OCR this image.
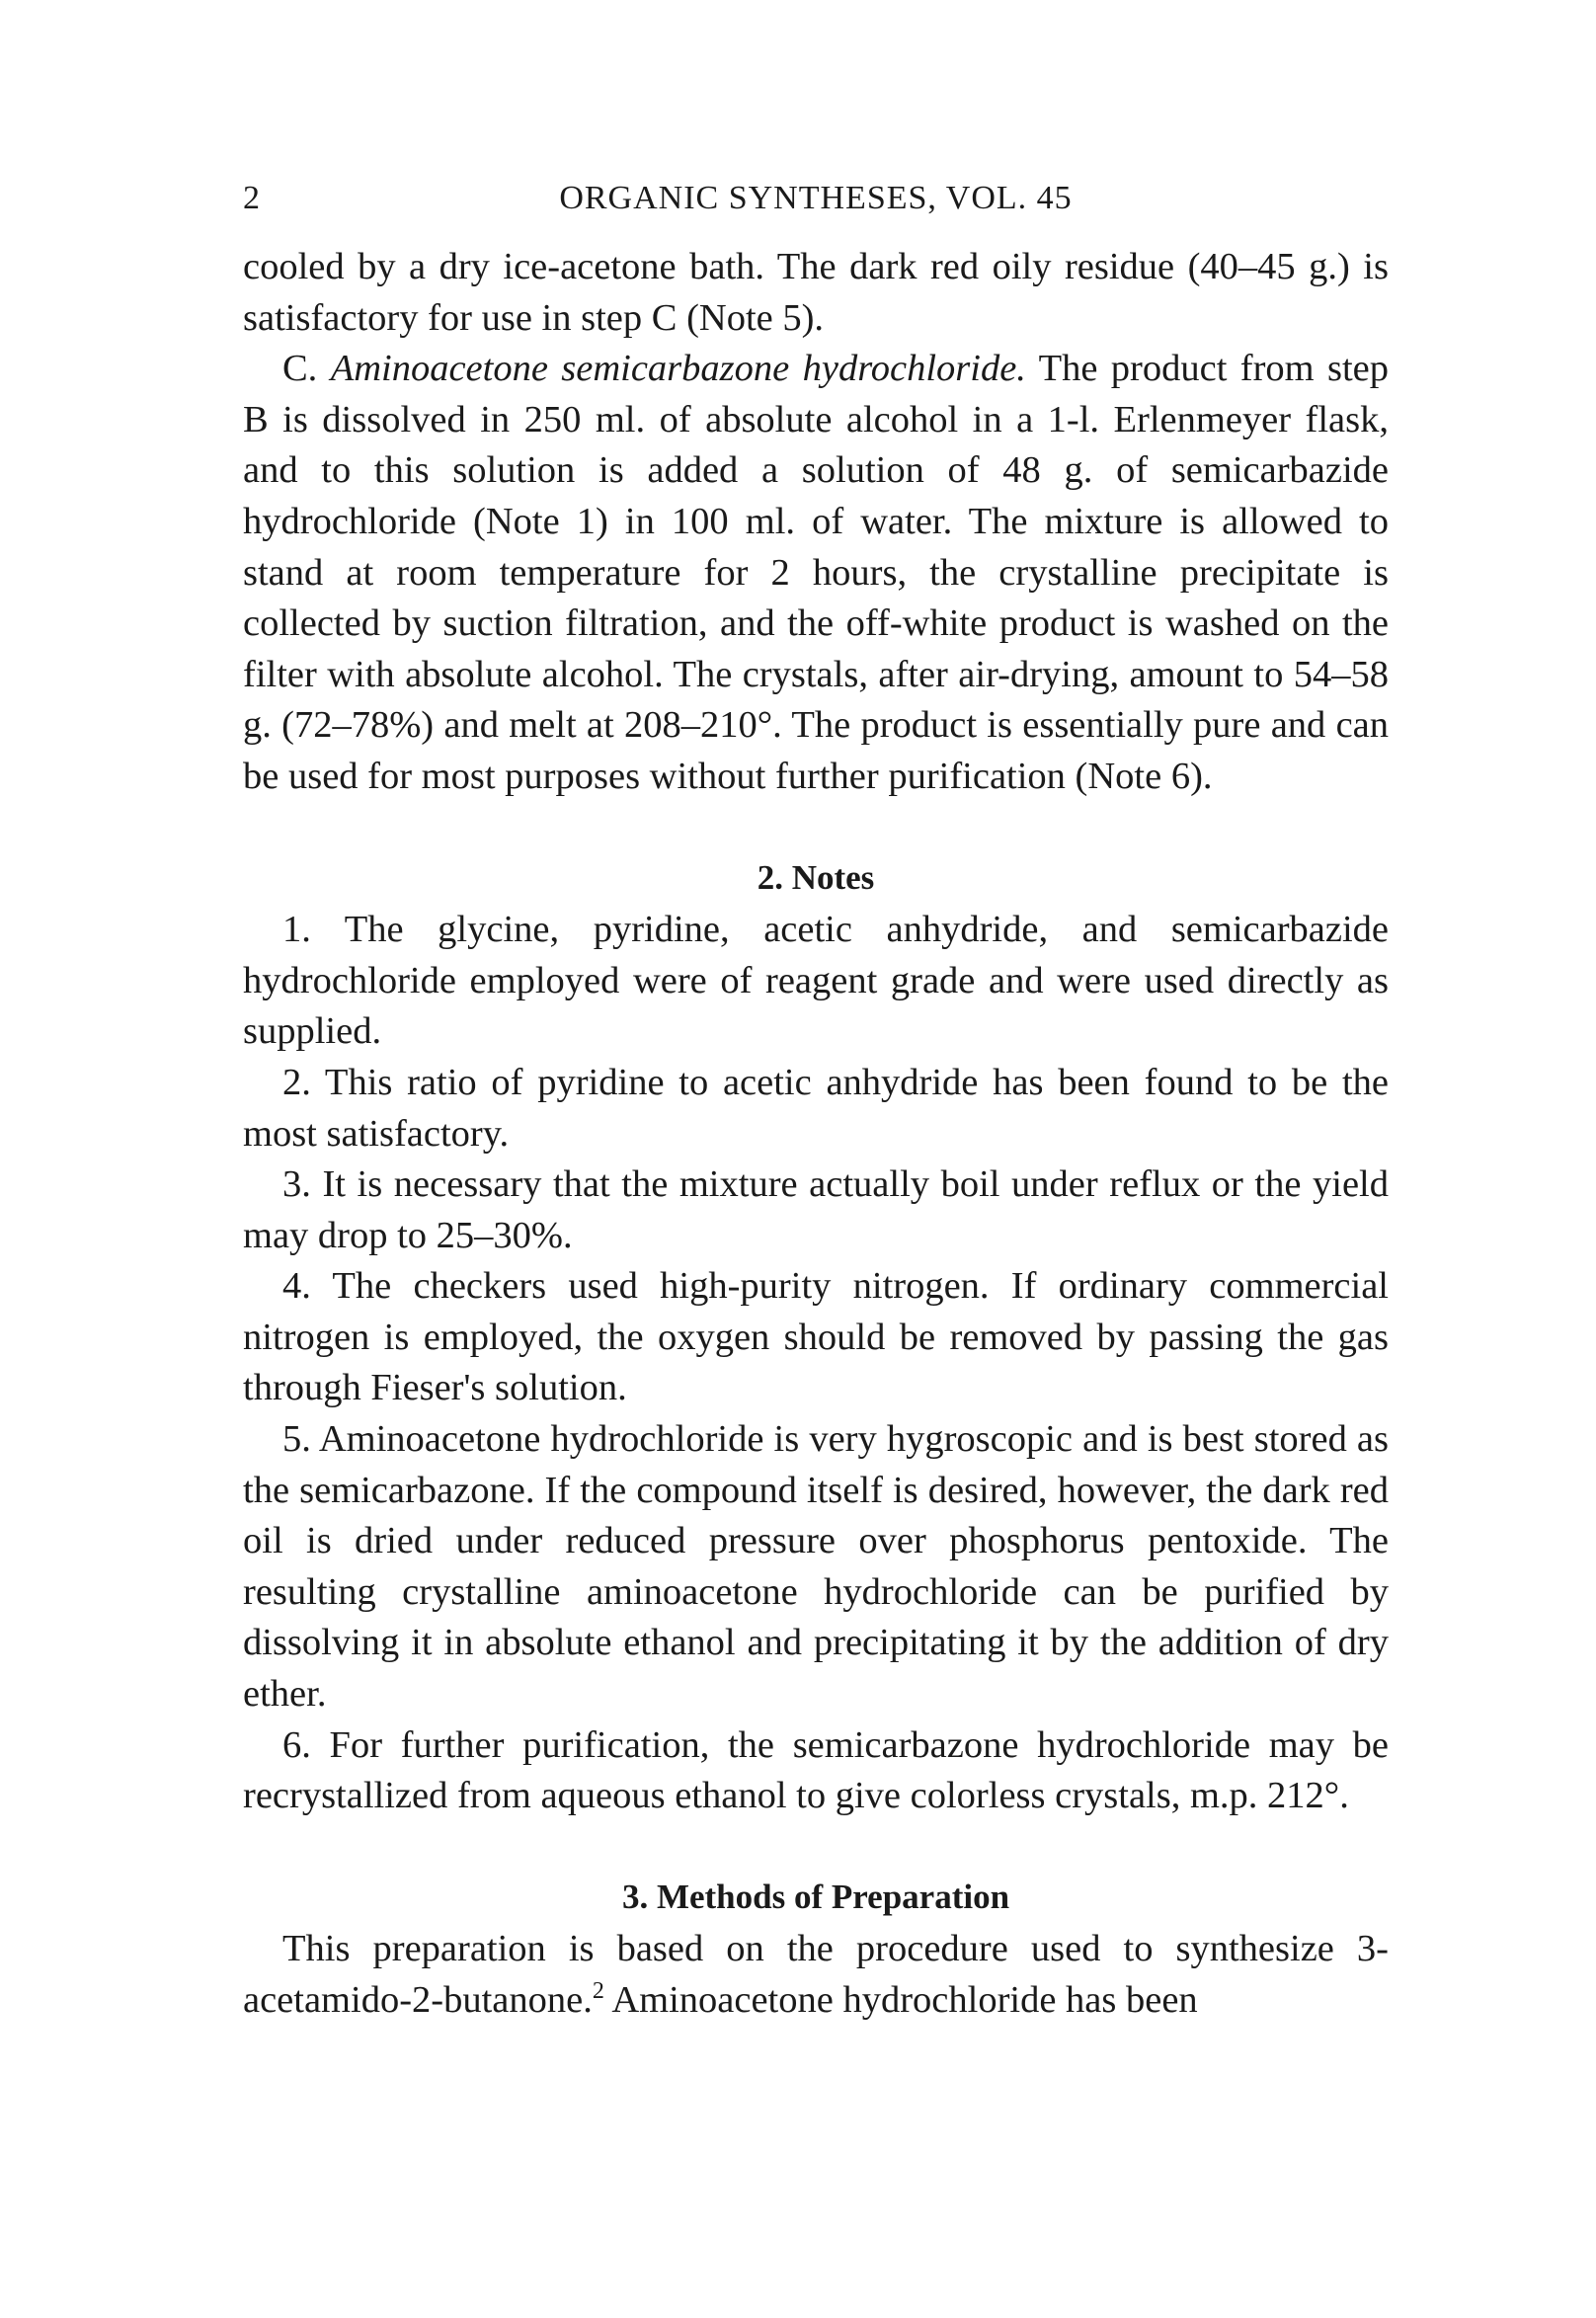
2	ORGANIC SYNTHESES, VOL. 45

cooled by a dry ice-acetone bath. The dark red oily residue (40–45 g.) is satisfactory for use in step C (Note 5).

C. Aminoacetone semicarbazone hydrochloride. The product from step B is dissolved in 250 ml. of absolute alcohol in a 1-l. Erlenmeyer flask, and to this solution is added a solution of 48 g. of semicarbazide hydrochloride (Note 1) in 100 ml. of water. The mixture is allowed to stand at room temperature for 2 hours, the crystalline precipitate is collected by suction filtration, and the off-white product is washed on the filter with absolute alcohol. The crystals, after air-drying, amount to 54–58 g. (72–78%) and melt at 208–210°. The product is essentially pure and can be used for most purposes without further purification (Note 6).

2. Notes

1. The glycine, pyridine, acetic anhydride, and semicarbazide hydrochloride employed were of reagent grade and were used directly as supplied.

2. This ratio of pyridine to acetic anhydride has been found to be the most satisfactory.

3. It is necessary that the mixture actually boil under reflux or the yield may drop to 25–30%.

4. The checkers used high-purity nitrogen. If ordinary commercial nitrogen is employed, the oxygen should be removed by passing the gas through Fieser's solution.

5. Aminoacetone hydrochloride is very hygroscopic and is best stored as the semicarbazone. If the compound itself is desired, however, the dark red oil is dried under reduced pressure over phosphorus pentoxide. The resulting crystalline aminoacetone hydrochloride can be purified by dissolving it in absolute ethanol and precipitating it by the addition of dry ether.

6. For further purification, the semicarbazone hydrochloride may be recrystallized from aqueous ethanol to give colorless crystals, m.p. 212°.

3. Methods of Preparation

This preparation is based on the procedure used to synthesize 3-acetamido-2-butanone.$^2$ Aminoacetone hydrochloride has been
